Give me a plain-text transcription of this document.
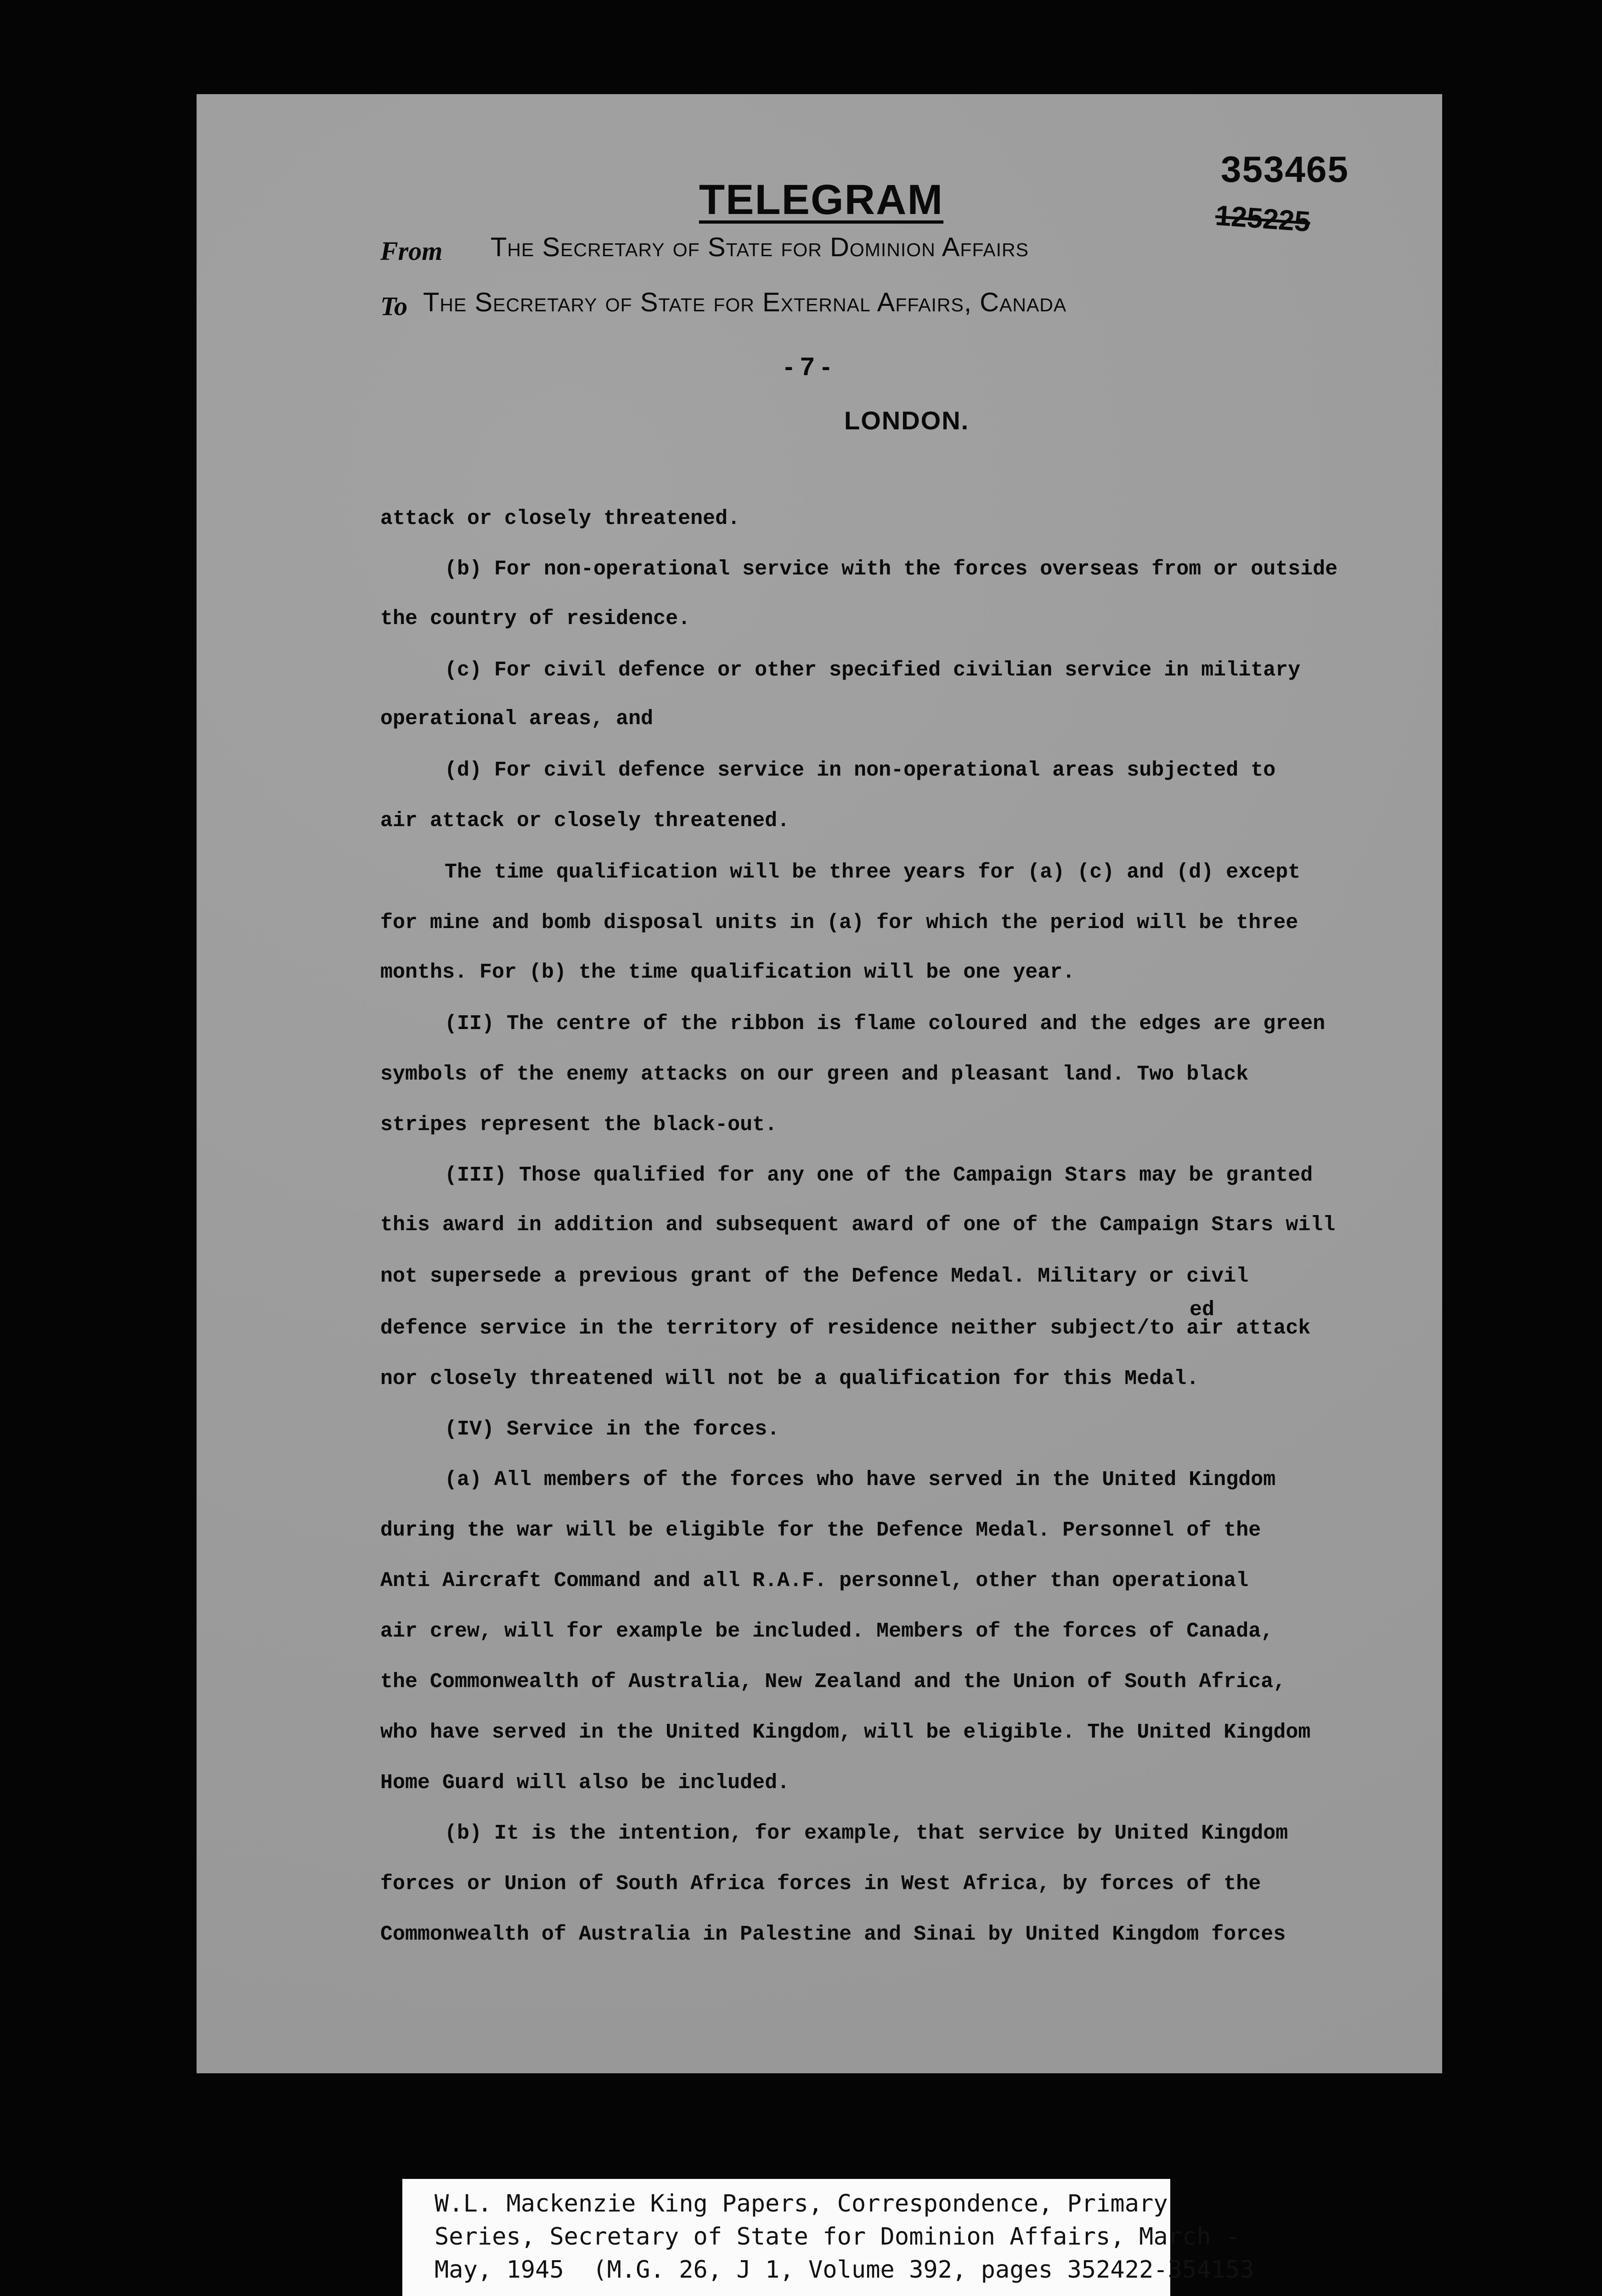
TELEGRAM
353465
125225
From The Secretary of State for Dominion Affairs
To The Secretary of State for External Affairs, Canada
- 7 -
LONDON.
attack or closely threatened.
(b) For non-operational service with the forces overseas from or outside
the country of residence.
(c) For civil defence or other specified civilian service in military
operational areas, and
(d) For civil defence service in non-operational areas subjected to
air attack or closely threatened.
The time qualification will be three years for (a) (c) and (d) except
for mine and bomb disposal units in (a) for which the period will be three
months. For (b) the time qualification will be one year.
(II) The centre of the ribbon is flame coloured and the edges are green
symbols of the enemy attacks on our green and pleasant land. Two black
stripes represent the black-out.
(III) Those qualified for any one of the Campaign Stars may be granted
this award in addition and subsequent award of one of the Campaign Stars will
not supersede a previous grant of the Defence Medal. Military or civil
ed
defence service in the territory of residence neither subject/to air attack
nor closely threatened will not be a qualification for this Medal.
(IV) Service in the forces.
(a) All members of the forces who have served in the United Kingdom
during the war will be eligible for the Defence Medal. Personnel of the
Anti Aircraft Command and all R.A.F. personnel, other than operational
air crew, will for example be included. Members of the forces of Canada,
the Commonwealth of Australia, New Zealand and the Union of South Africa,
who have served in the United Kingdom, will be eligible. The United Kingdom
Home Guard will also be included.
(b) It is the intention, for example, that service by United Kingdom
forces or Union of South Africa forces in West Africa, by forces of the
Commonwealth of Australia in Palestine and Sinai by United Kingdom forces
W.L. Mackenzie King Papers, Correspondence, Primary
Series, Secretary of State for Dominion Affairs, March -
May, 1945  (M.G. 26, J 1, Volume 392, pages 352422-354153
